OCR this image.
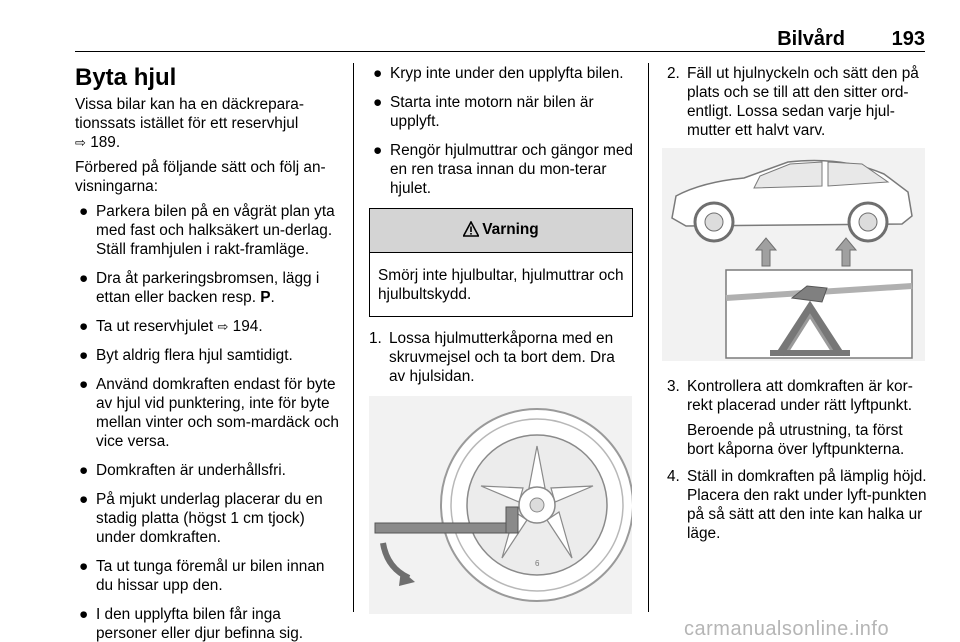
Bilvård 193
Byta hjul

Vissa bilar kan ha en däckrepara-tionssats istället för ett reservhjul
⇨ 189.

Förbered på följande sätt och följ an-visningarna:

● Parkera bilen på en vågrät plan yta med fast och halksäkert un-derlag. Ställ framhjulen i rakt-framläge.
● Dra åt parkeringsbromsen, lägg i ettan eller backen resp. P.
● Ta ut reservhjulet ⇨ 194.
● Byt aldrig flera hjul samtidigt.
● Använd domkraften endast för byte av hjul vid punktering, inte för byte mellan vinter och som-mardäck och vice versa.
● Domkraften är underhållsfri.
● På mjukt underlag placerar du en stadig platta (högst 1 cm tjock) under domkraften.
● Ta ut tunga föremål ur bilen innan du hissar upp den.
● I den upplyfta bilen får inga personer eller djur befinna sig.
● Kryp inte under den upplyfta bilen.
● Starta inte motorn när bilen är upplyft.
● Rengör hjulmuttrar och gängor med en ren trasa innan du mon-terar hjulet.
Varning
Smörj inte hjulbultar, hjulmuttrar och hjulbultskydd.
1. Lossa hjulmutterkåporna med en skruvmejsel och ta bort dem. Dra av hjulsidan.
6
2. Fäll ut hjulnyckeln och sätt den på plats och se till att den sitter ord-entligt. Lossa sedan varje hjul-mutter ett halvt varv.
3. Kontrollera att domkraften är kor-rekt placerad under rätt lyftpunkt.
Beroende på utrustning, ta först bort kåporna över lyftpunkterna.
4. Ställ in domkraften på lämplig höjd. Placera den rakt under lyft-punkten på så sätt att den inte kan halka ur läge.
carmanualsonline.info
